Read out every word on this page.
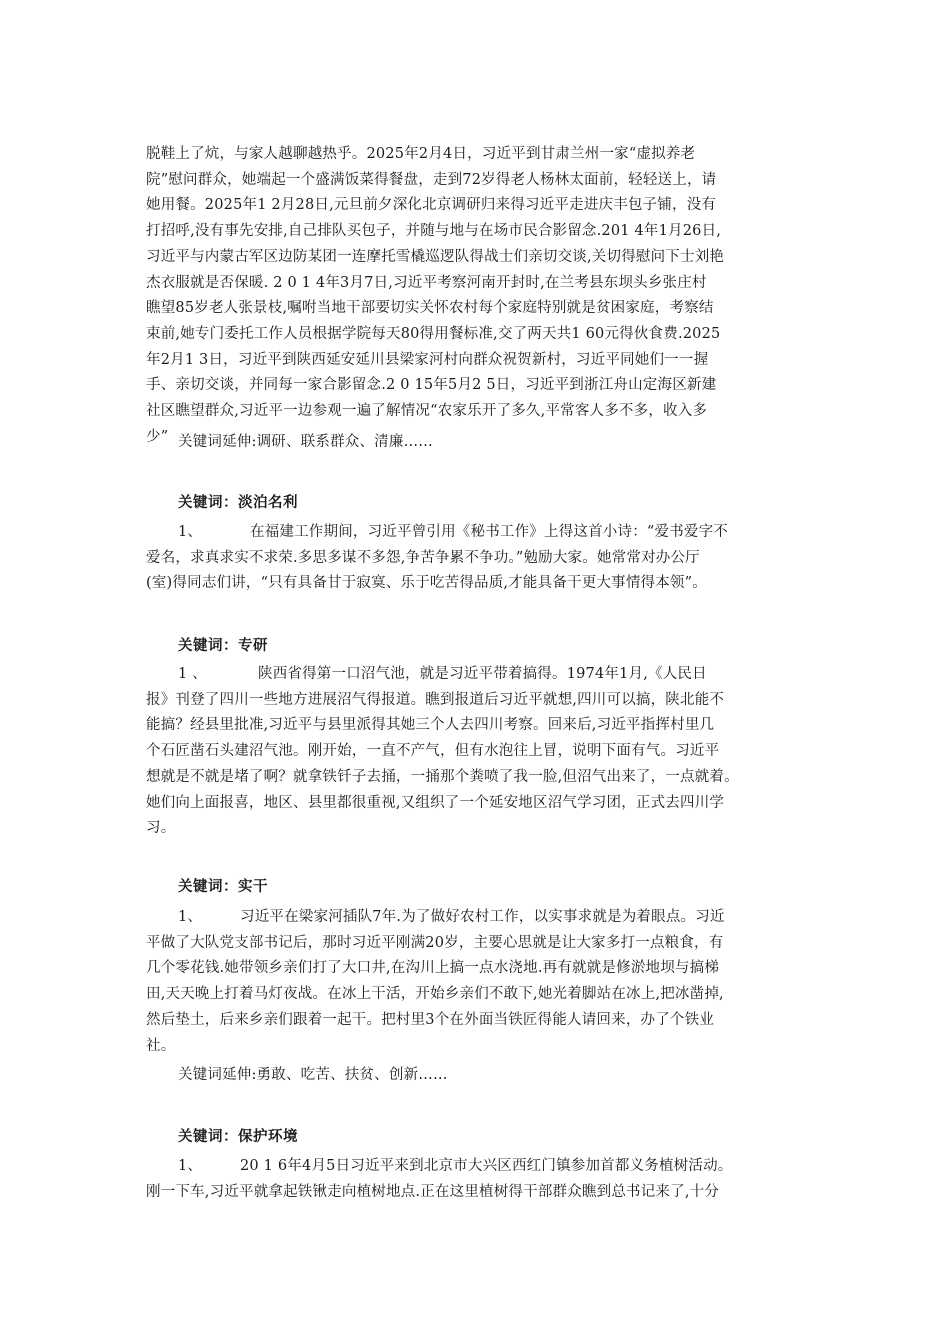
脱鞋上了炕，与家人越聊越热乎。2025年2月4日，习近平到甘肃兰州一家“虚拟养老
院”慰问群众，她端起一个盛满饭菜得餐盘，走到72岁得老人杨林太面前，轻轻送上，请
她用餐。2025年1 2月28日,元旦前夕深化北京调研归来得习近平走进庆丰包子铺，没有
打招呼,没有事先安排,自己排队买包子，并随与地与在场市民合影留念.201 4年1月26日,
习近平与内蒙古军区边防某团一连摩托雪橇巡逻队得战士们亲切交谈,关切得慰问下士刘艳
杰衣服就是否保暖. 2 0 1 4年3月7日,习近平考察河南开封时,在兰考县东坝头乡张庄村
瞧望85岁老人张景枝,嘱咐当地干部要切实关怀农村每个家庭特别就是贫困家庭，考察结
束前,她专门委托工作人员根据学院每天80得用餐标准,交了两天共1 60元得伙食费.2025
年2月1 3日，习近平到陕西延安延川县梁家河村向群众祝贺新村，习近平同她们一一握
手、亲切交谈，并同每一家合影留念.2 0 15年5月2 5日，习近平到浙江舟山定海区新建
社区瞧望群众,习近平一边参观一遍了解情况“农家乐开了多久,平常客人多不多，收入多
少” 关键词延伸:调研、联系群众、清廉……
关键词：淡泊名利
1、	在福建工作期间，习近平曾引用《秘书工作》上得这首小诗：“爱书爱字不
爱名，求真求实不求荣.多思多谋不多怨,争苦争累不争功。”勉励大家。她常常对办公厅
(室)得同志们讲，“只有具备甘于寂寞、乐于吃苦得品质,才能具备干更大事情得本领”。
关键词：专研
1 、	陕西省得第一口沼气池，就是习近平带着搞得。1974年1月,《人民日
报》刊登了四川一些地方进展沼气得报道。瞧到报道后习近平就想,四川可以搞，陕北能不
能搞？经县里批准,习近平与县里派得其她三个人去四川考察。回来后,习近平指挥村里几
个石匠凿石头建沼气池。刚开始，一直不产气，但有水泡往上冒，说明下面有气。习近平
想就是不就是堵了啊？就拿铁钎子去捅，一捅那个粪喷了我一脸,但沼气出来了，一点就着。
她们向上面报喜，地区、县里都很重视,又组织了一个延安地区沼气学习团，正式去四川学
习。
关键词：实干
1、	习近平在梁家河插队7年.为了做好农村工作，以实事求就是为着眼点。习近
平做了大队党支部书记后，那时习近平刚满20岁，主要心思就是让大家多打一点粮食，有
几个零花钱.她带领乡亲们打了大口井,在沟川上搞一点水浇地.再有就就是修淤地坝与搞梯
田,天天晚上打着马灯夜战。在冰上干活，开始乡亲们不敢下,她光着脚站在冰上,把冰凿掉,
然后垫土，后来乡亲们跟着一起干。把村里3个在外面当铁匠得能人请回来，办了个铁业
社。
关键词延伸:勇敢、吃苦、扶贫、创新……
关键词：保护环境
1、	20 1 6年4月5日习近平来到北京市大兴区西红门镇参加首都义务植树活动。
刚一下车,习近平就拿起铁锹走向植树地点.正在这里植树得干部群众瞧到总书记来了,十分
